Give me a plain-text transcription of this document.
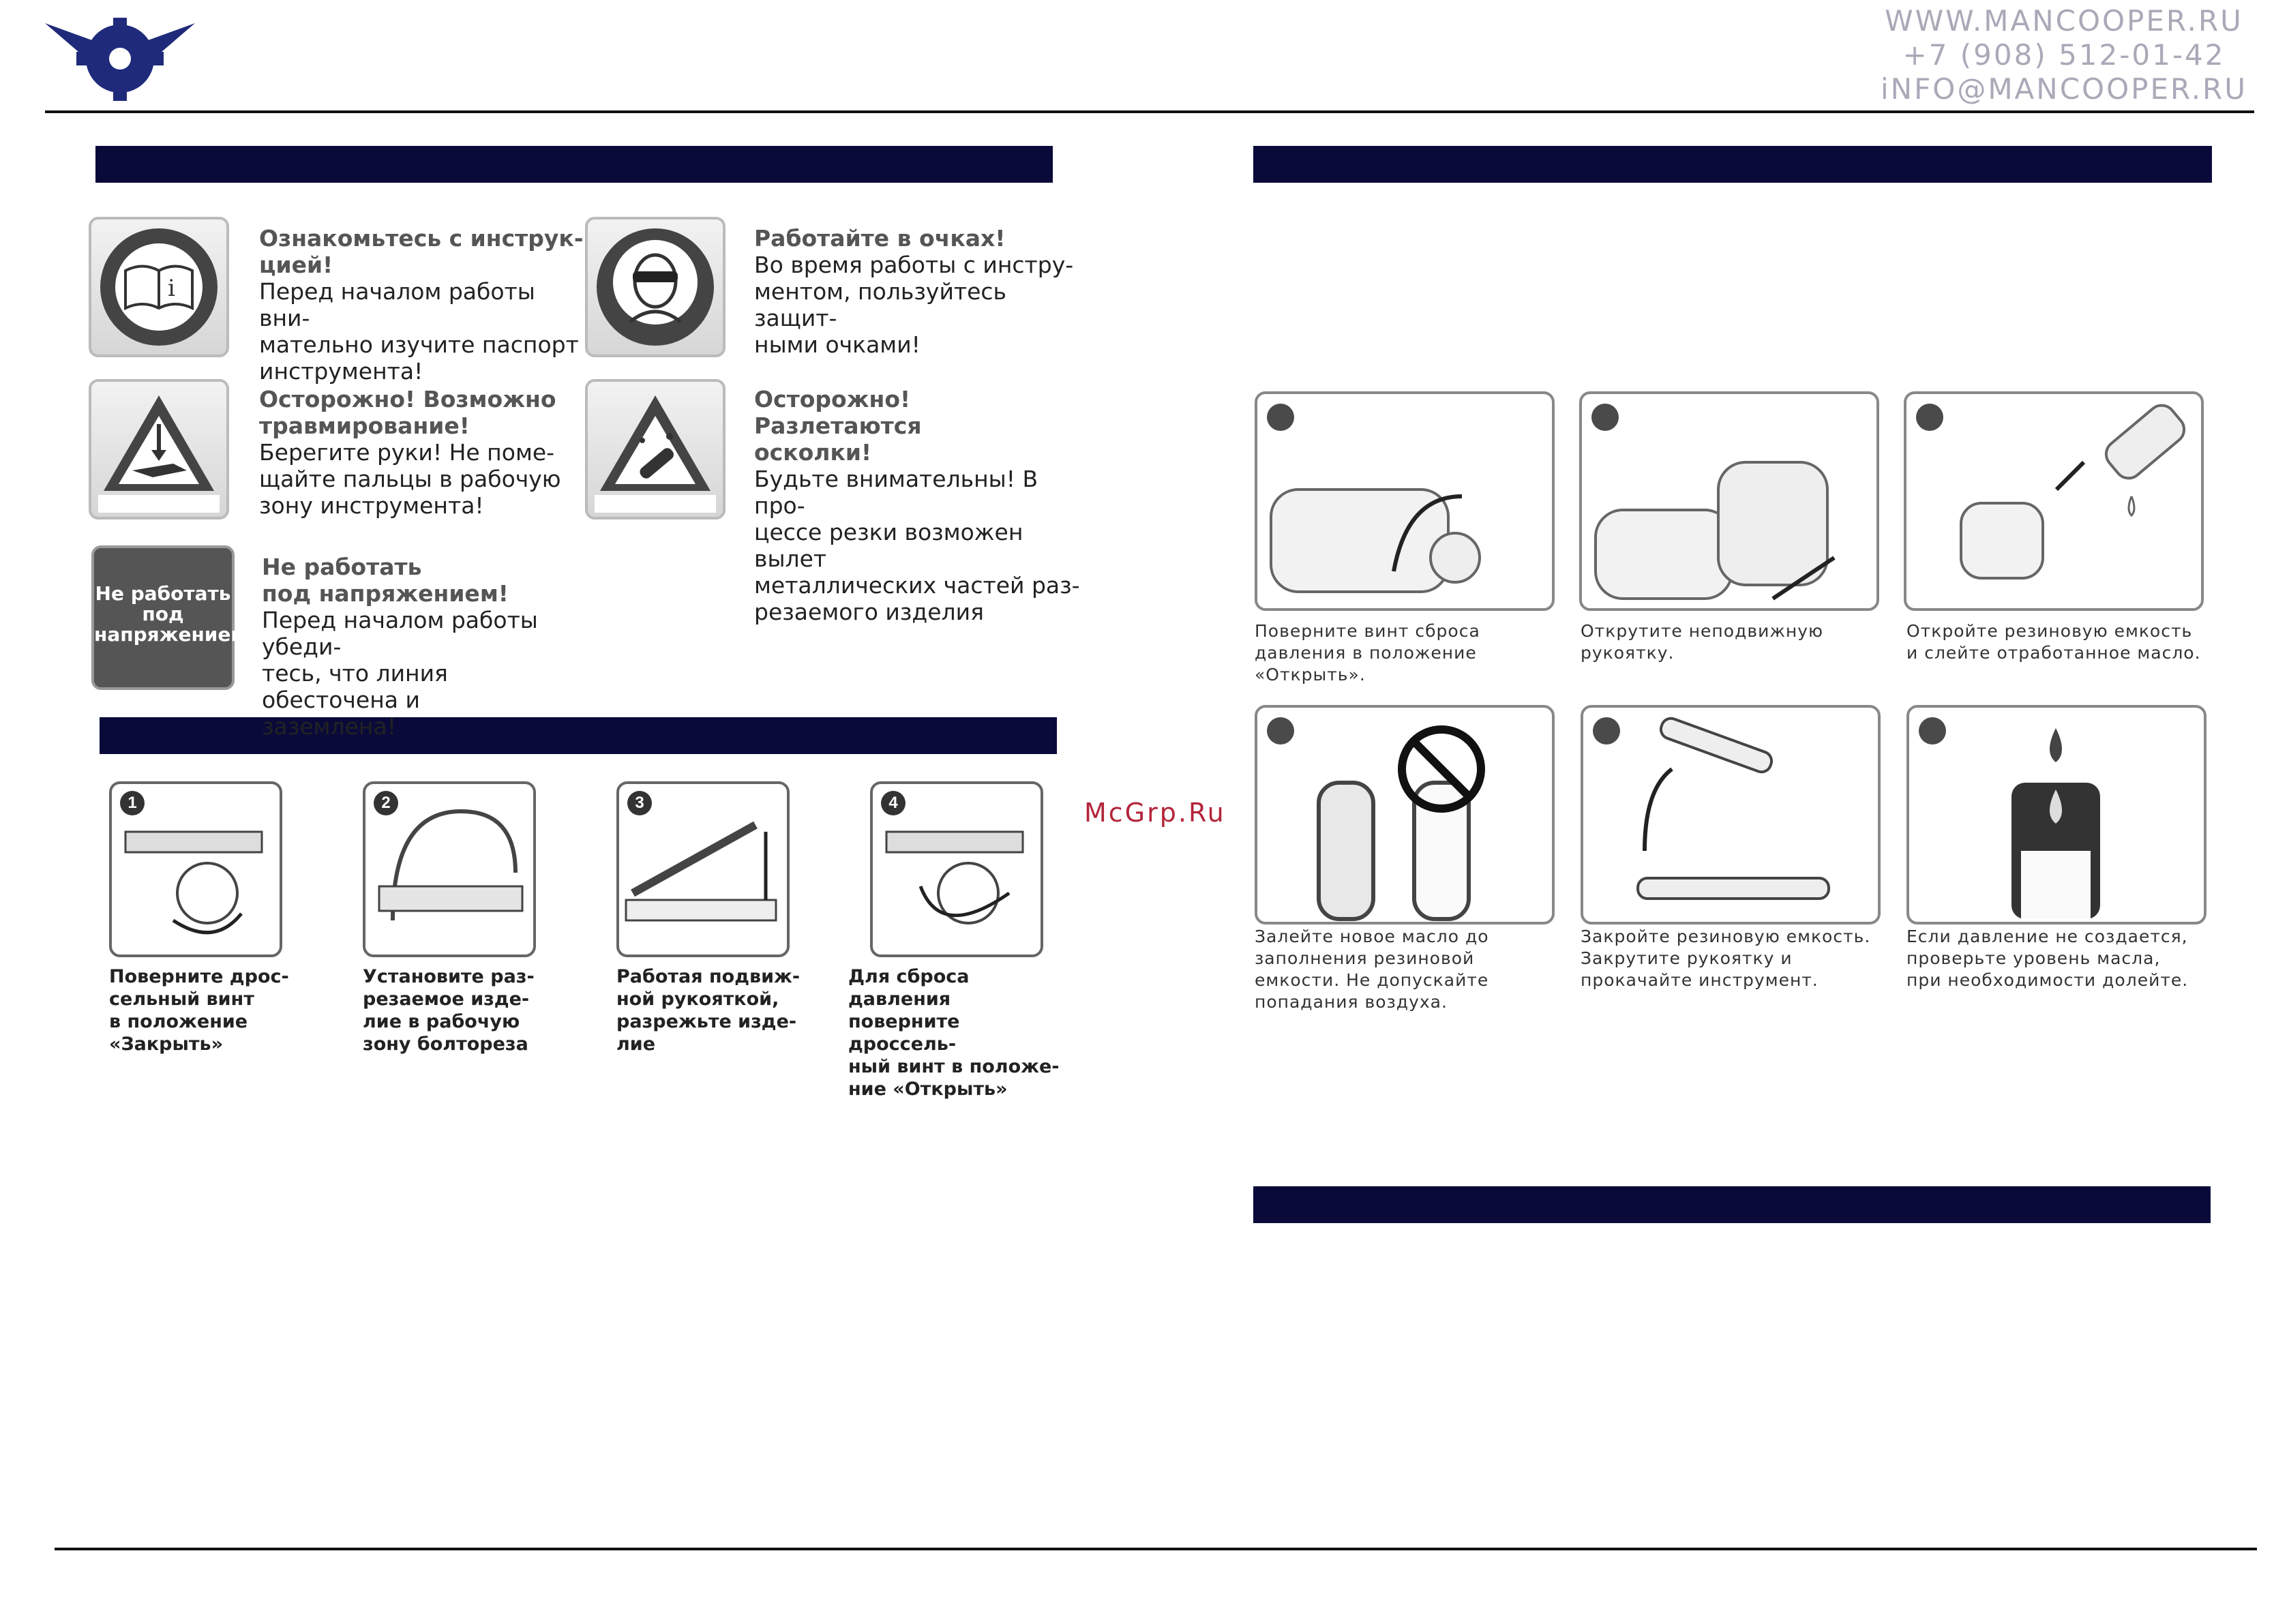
WWW.MANCOOPER.RU
+7 (908) 512-01-42
iNFO@MANCOOPER.RU
i
Не работать
под
напряжением
Ознакомьтесь с инструк-
цией!
Перед началом работы вни-
мательно изучите паспорт
инструмента!
Работайте в очках!
Во время работы с инстру-
ментом, пользуйтесь защит-
ными очками!
Осторожно! Возможно
травмирование!
Берегите руки! Не поме-
щайте пальцы в рабочую
зону инструмента!
Осторожно! Разлетаются
осколки!
Будьте внимательны! В про-
цессе резки возможен вылет
металлических частей раз-
резаемого изделия
Не работать
под напряжением!
Перед началом работы убеди-
тесь, что линия обесточена и
заземлена!
1	2	3	4
Поверните дрос-
сельный винт
в положение
«Закрыть»
Установите раз-
резаемое изде-
лие в рабочую
зону болтореза
Работая подвиж-
ной рукояткой,
разрежьте изде-
лие
Для сброса давления
поверните дроссель-
ный винт в положе-
ние «Открыть»
McGrp.Ru
Поверните винт сброса
давления в положение
«Открыть».
Открутите неподвижную
рукоятку.
Откройте резиновую емкость
и слейте отработанное масло.
Залейте новое масло до
заполнения резиновой
емкости. Не допускайте
попадания воздуха.
Закройте резиновую емкость.
Закрутите рукоятку и
прокачайте инструмент.
Если давление не создается,
проверьте уровень масла,
при необходимости долейте.
